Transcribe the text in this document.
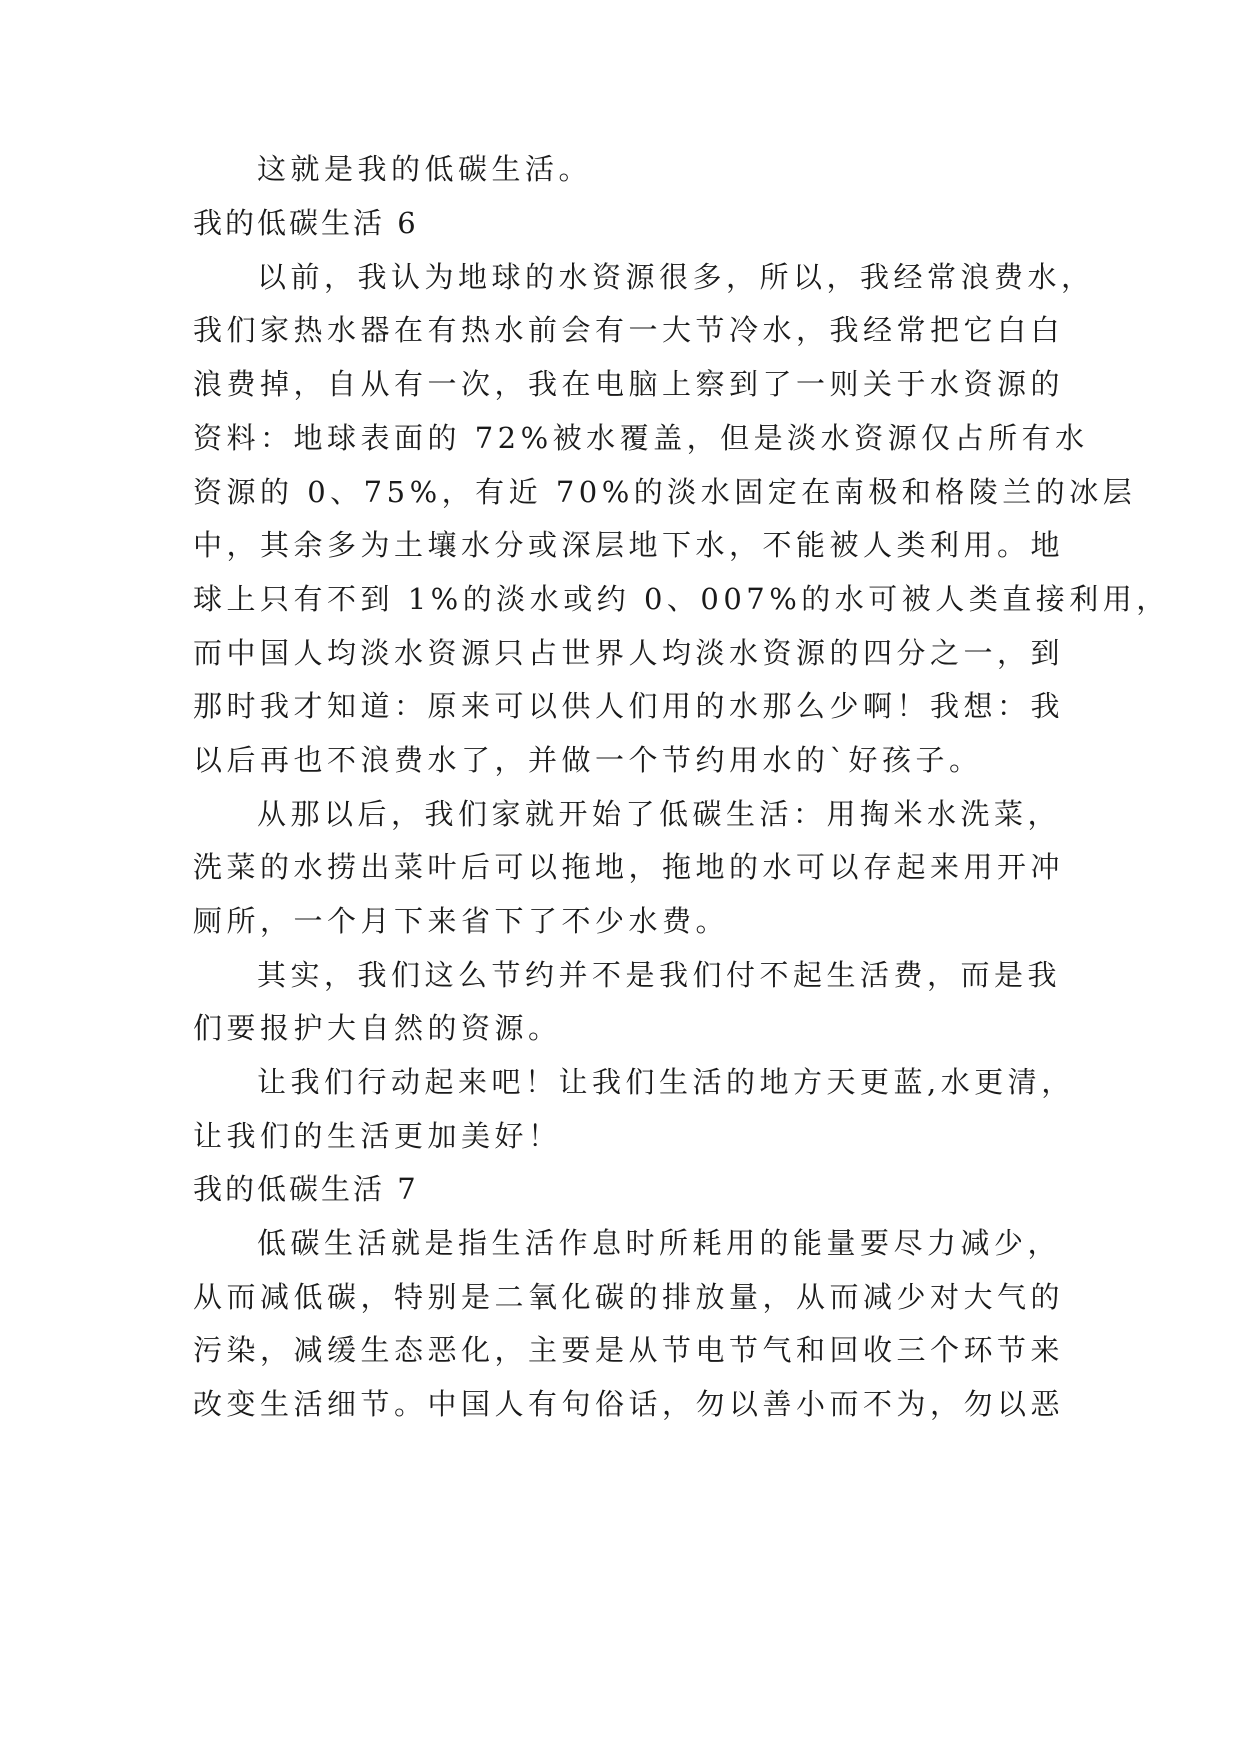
这就是我的低碳生活。
我的低碳生活 6
以前，我认为地球的水资源很多，所以，我经常浪费水，
我们家热水器在有热水前会有一大节冷水，我经常把它白白
浪费掉，自从有一次，我在电脑上察到了一则关于水资源的
资料：地球表面的 72%被水覆盖，但是淡水资源仅占所有水
资源的 0、75%，有近 70%的淡水固定在南极和格陵兰的冰层
中，其余多为土壤水分或深层地下水，不能被人类利用。地
球上只有不到 1%的淡水或约 0、007%的水可被人类直接利用，
而中国人均淡水资源只占世界人均淡水资源的四分之一，到
那时我才知道：原来可以供人们用的水那么少啊！我想：我
以后再也不浪费水了，并做一个节约用水的`好孩子。
从那以后，我们家就开始了低碳生活：用掏米水洗菜，
洗菜的水捞出菜叶后可以拖地，拖地的水可以存起来用开冲
厕所，一个月下来省下了不少水费。
其实，我们这么节约并不是我们付不起生活费，而是我
们要报护大自然的资源。
让我们行动起来吧！让我们生活的地方天更蓝,水更清，
让我们的生活更加美好！
我的低碳生活 7
低碳生活就是指生活作息时所耗用的能量要尽力减少，
从而减低碳，特别是二氧化碳的排放量，从而减少对大气的
污染，减缓生态恶化，主要是从节电节气和回收三个环节来
改变生活细节。中国人有句俗话，勿以善小而不为，勿以恶
